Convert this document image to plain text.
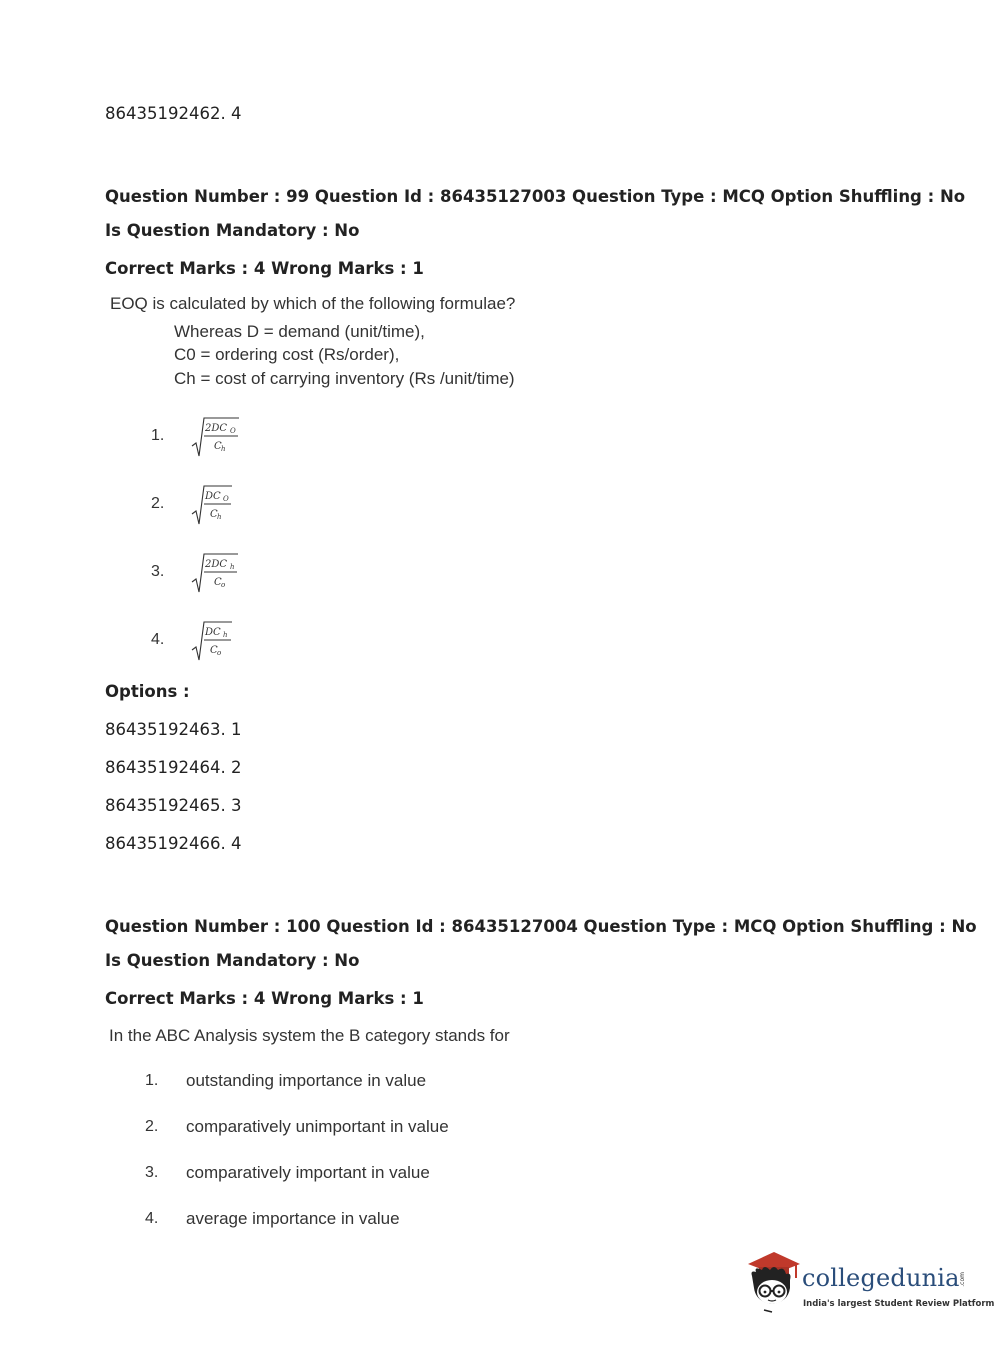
86435192462. 4
Question Number : 99 Question Id : 86435127003 Question Type : MCQ Option Shuffling : No
Is Question Mandatory : No
Correct Marks : 4 Wrong Marks : 1
EOQ is calculated by which of the following formulae?
Whereas D = demand (unit/time),
C0 = ordering cost (Rs/order),
Ch = cost of carrying inventory (Rs /unit/time)
1.	2DC O
C h
2.	DC O
C h
3.	2DC h
C o
4.	DC h
C o
Options :
86435192463. 1
86435192464. 2
86435192465. 3
86435192466. 4
Question Number : 100 Question Id : 86435127004 Question Type : MCQ Option Shuffling : No
Is Question Mandatory : No
Correct Marks : 4 Wrong Marks : 1
In the ABC Analysis system the B category stands for
1. outstanding importance in value
2. comparatively unimportant in value
3. comparatively important in value
4. average importance in value
collegedunia .com
India's largest Student Review Platform
